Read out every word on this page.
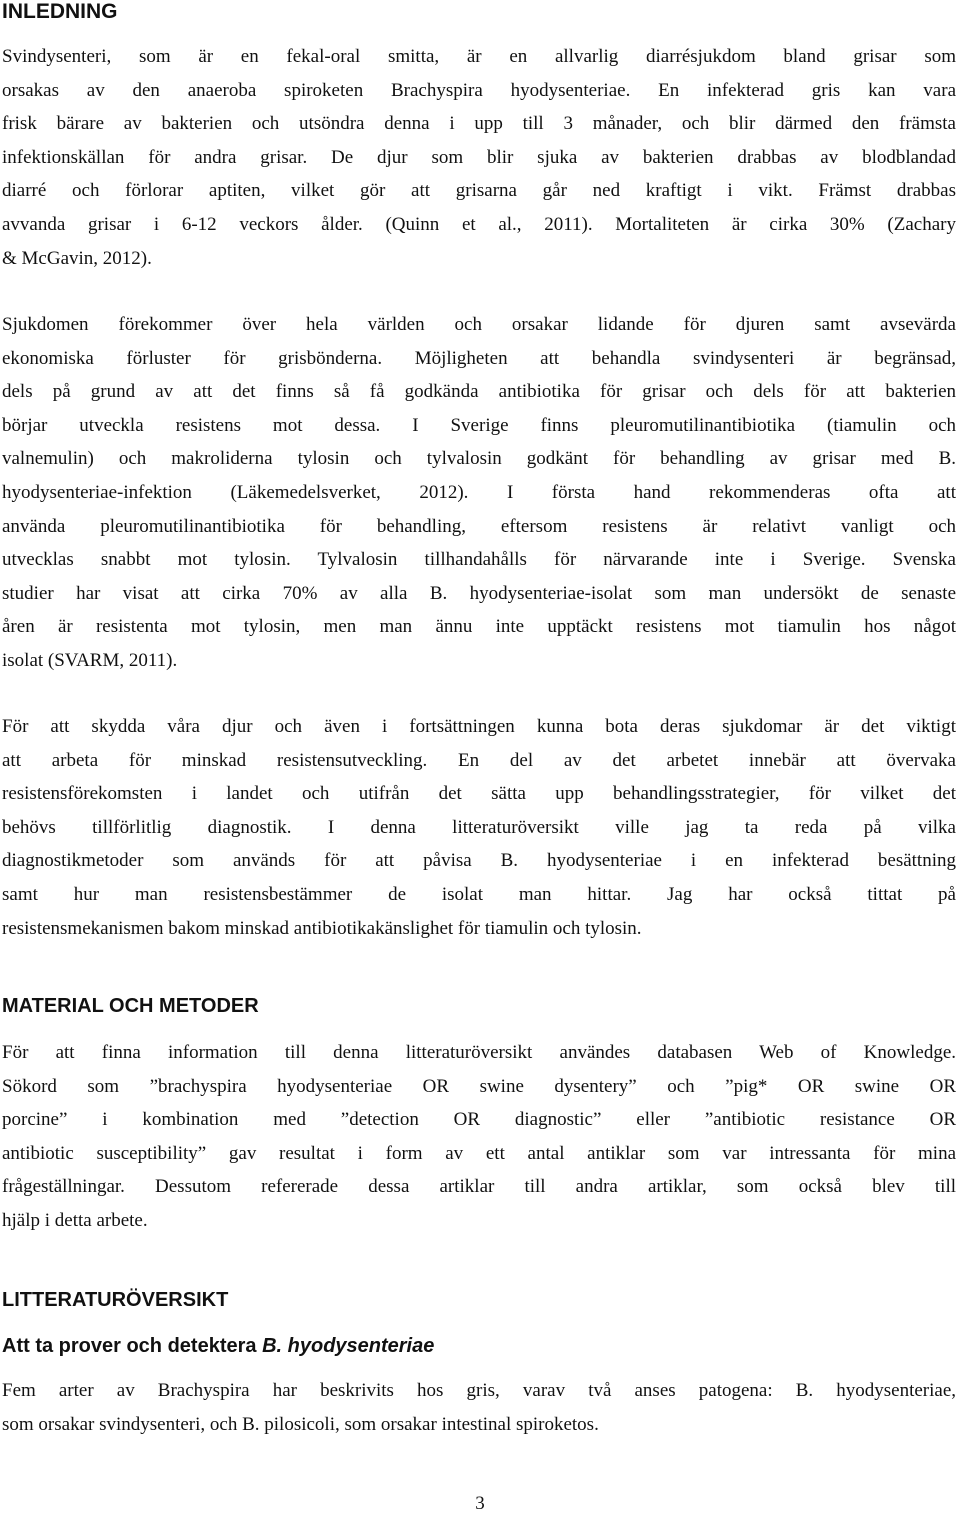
INLEDNING
Svindysenteri, som är en fekal-oral smitta, är en allvarlig diarrésjukdom bland grisar som
orsakas av den anaeroba spiroketen Brachyspira hyodysenteriae. En infekterad gris kan vara
frisk bärare av bakterien och utsöndra denna i upp till 3 månader, och blir därmed den främsta
infektionskällan för andra grisar. De djur som blir sjuka av bakterien drabbas av blodblandad
diarré och förlorar aptiten, vilket gör att grisarna går ned kraftigt i vikt. Främst drabbas
avvanda grisar i 6-12 veckors ålder. (Quinn et al., 2011). Mortaliteten är cirka 30% (Zachary
& McGavin, 2012).
Sjukdomen förekommer över hela världen och orsakar lidande för djuren samt avsevärda
ekonomiska förluster för grisbönderna. Möjligheten att behandla svindysenteri är begränsad,
dels på grund av att det finns så få godkända antibiotika för grisar och dels för att bakterien
börjar utveckla resistens mot dessa. I Sverige finns pleuromutilinantibiotika (tiamulin och
valnemulin) och makroliderna tylosin och tylvalosin godkänt för behandling av grisar med B.
hyodysenteriae-infektion (Läkemedelsverket, 2012). I första hand rekommenderas ofta att
använda pleuromutilinantibiotika för behandling, eftersom resistens är relativt vanligt och
utvecklas snabbt mot tylosin. Tylvalosin tillhandahålls för närvarande inte i Sverige. Svenska
studier har visat att cirka 70% av alla B. hyodysenteriae-isolat som man undersökt de senaste
åren är resistenta mot tylosin, men man ännu inte upptäckt resistens mot tiamulin hos något
isolat (SVARM, 2011).
För att skydda våra djur och även i fortsättningen kunna bota deras sjukdomar är det viktigt
att arbeta för minskad resistensutveckling. En del av det arbetet innebär att övervaka
resistensförekomsten i landet och utifrån det sätta upp behandlingsstrategier, för vilket det
behövs tillförlitlig diagnostik. I denna litteraturöversikt ville jag ta reda på vilka
diagnostikmetoder som används för att påvisa B. hyodysenteriae i en infekterad besättning
samt hur man resistensbestämmer de isolat man hittar. Jag har också tittat på
resistensmekanismen bakom minskad antibiotikakänslighet för tiamulin och tylosin.
MATERIAL OCH METODER
För att finna information till denna litteraturöversikt användes databasen Web of Knowledge.
Sökord som ”brachyspira hyodysenteriae OR swine dysentery” och ”pig* OR swine OR
porcine” i kombination med ”detection OR diagnostic” eller ”antibiotic resistance OR
antibiotic susceptibility” gav resultat i form av ett antal antiklar som var intressanta för mina
frågeställningar. Dessutom refererade dessa artiklar till andra artiklar, som också blev till
hjälp i detta arbete.
LITTERATURÖVERSIKT
Att ta prover och detektera B. hyodysenteriae
Fem arter av Brachyspira har beskrivits hos gris, varav två anses patogena: B. hyodysenteriae,
som orsakar svindysenteri, och B. pilosicoli, som orsakar intestinal spiroketos.
3
